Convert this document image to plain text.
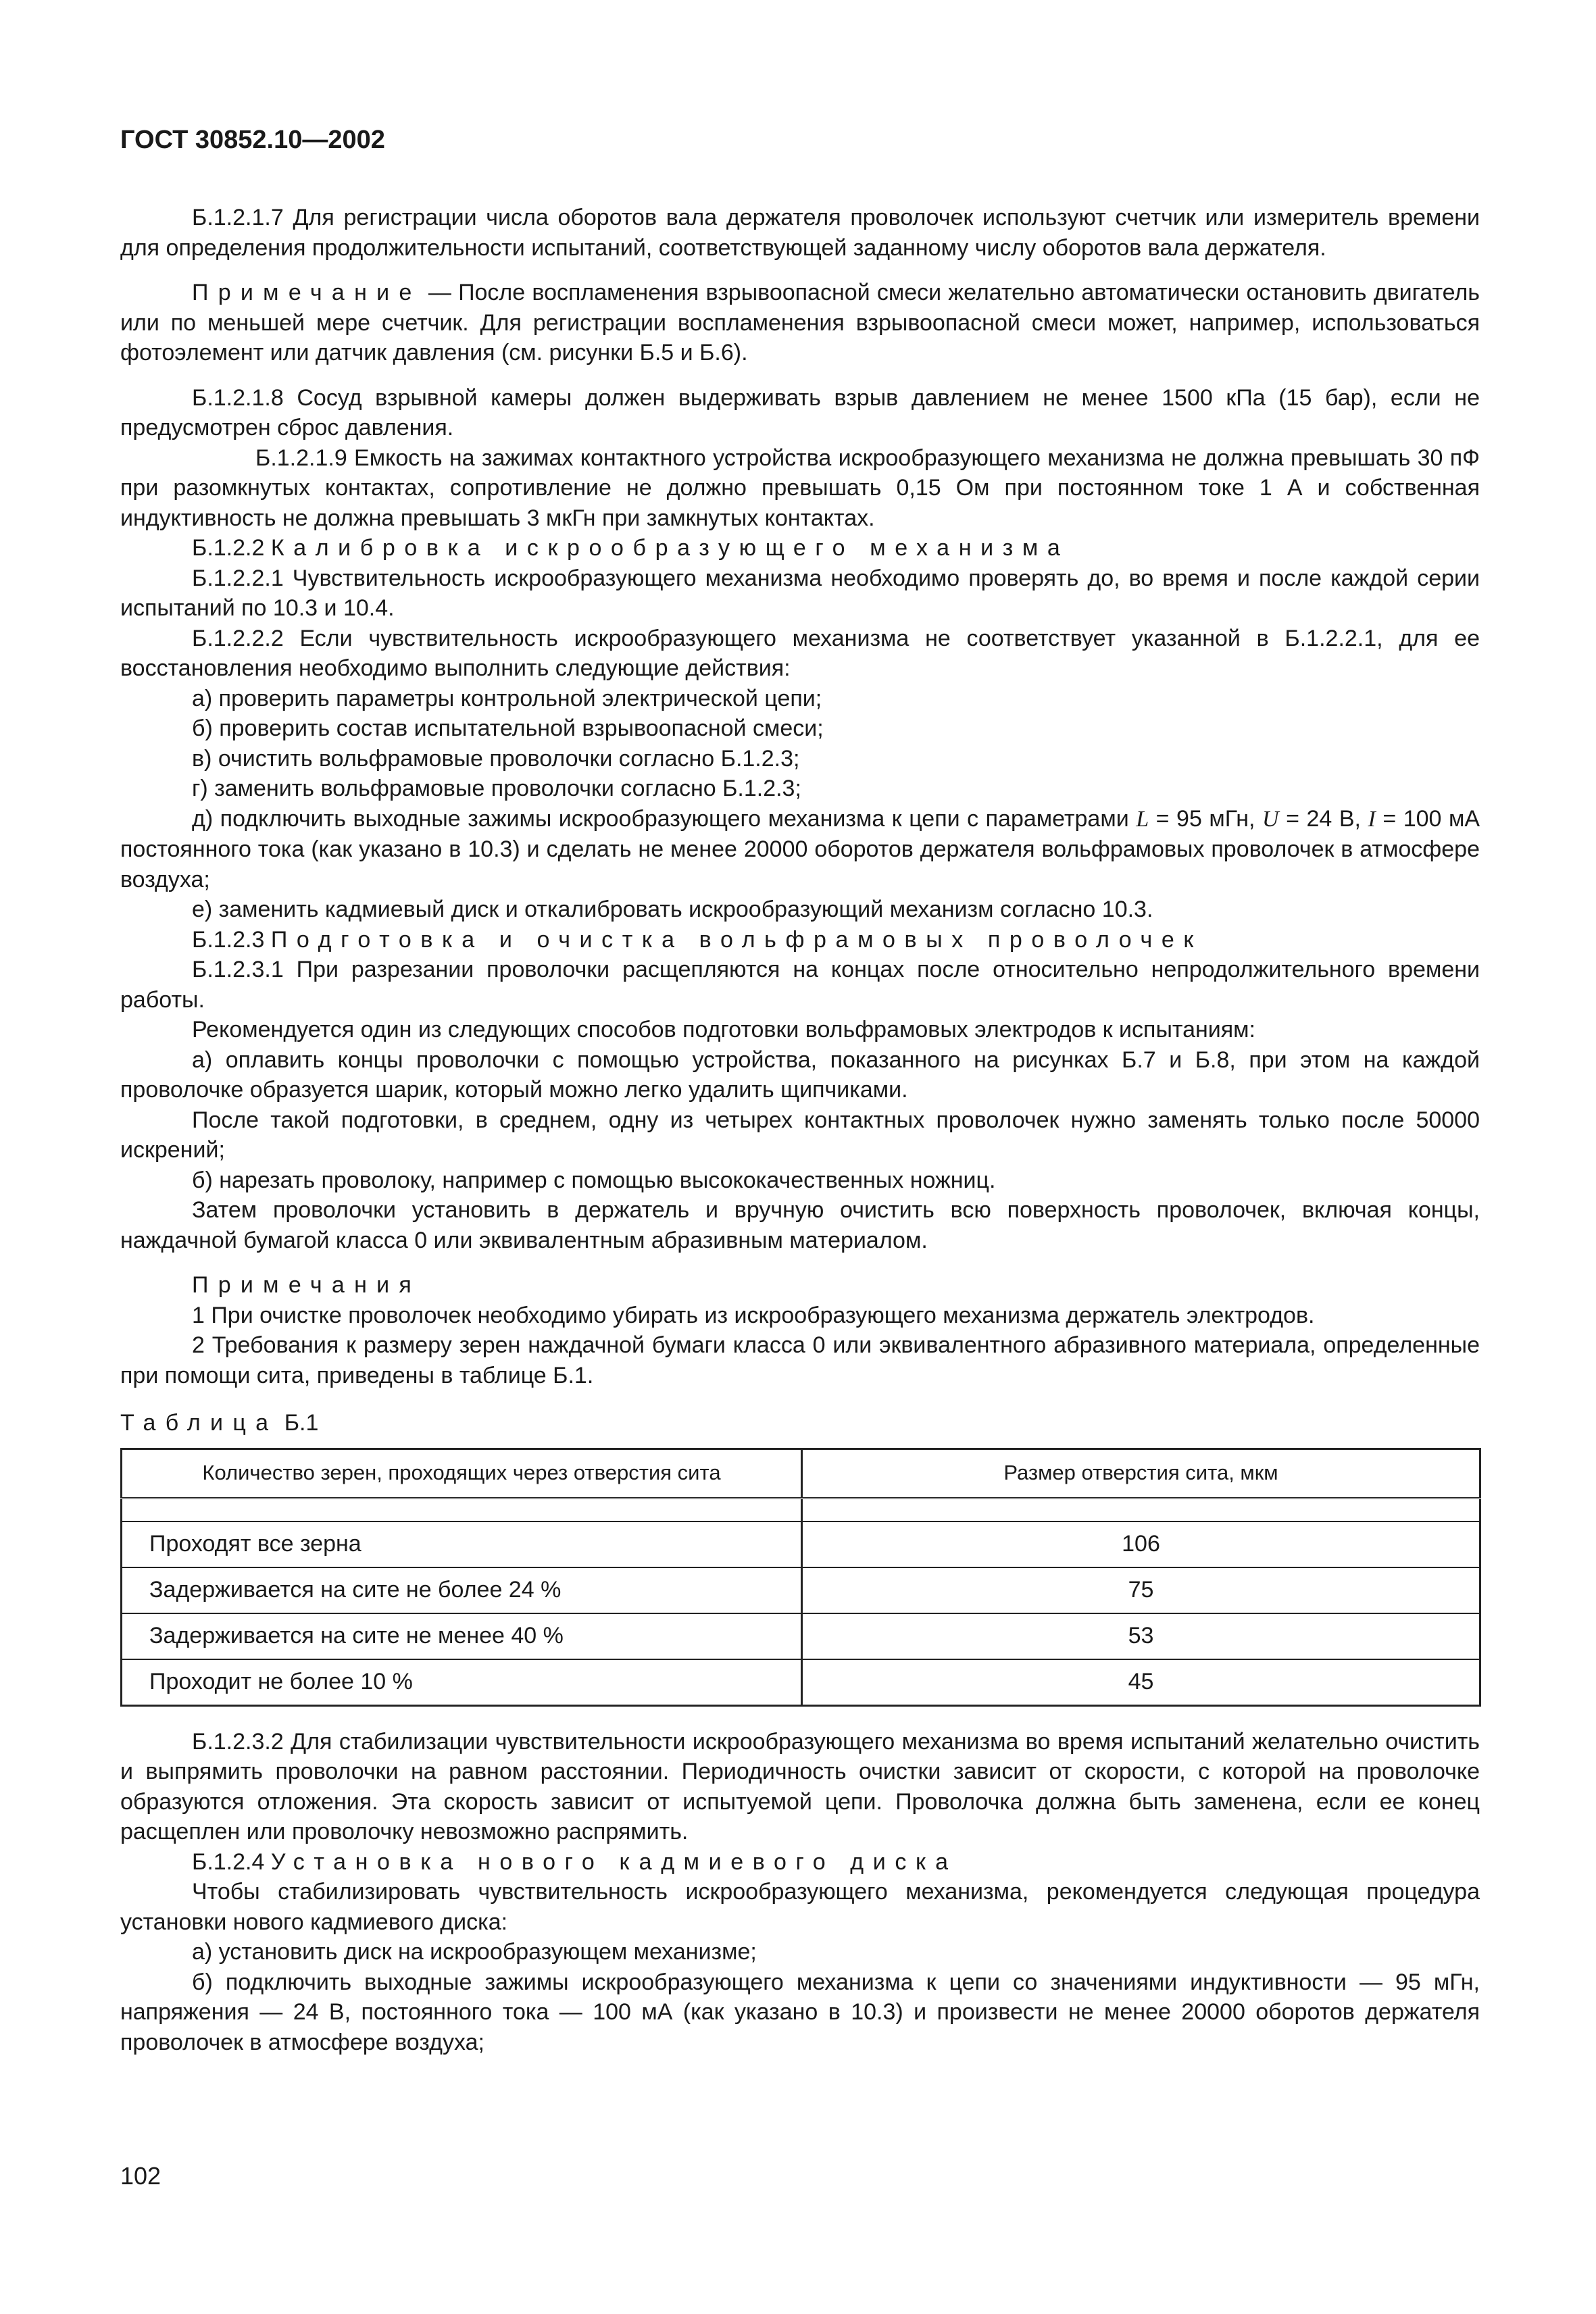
ГОСТ 30852.10—2002

Б.1.2.1.7 Для регистрации числа оборотов вала держателя проволочек используют счетчик или измеритель времени для определения продолжительности испытаний, соответствующей заданному числу оборотов вала держателя.

Примечание — После воспламенения взрывоопасной смеси желательно автоматически остановить двигатель или по меньшей мере счетчик. Для регистрации воспламенения взрывоопасной смеси может, например, использоваться фотоэлемент или датчик давления (см. рисунки Б.5 и Б.6).

Б.1.2.1.8 Сосуд взрывной камеры должен выдерживать взрыв давлением не менее 1500 кПа (15 бар), если не предусмотрен сброс давления.

Б.1.2.1.9 Емкость на зажимах контактного устройства искрообразующего механизма не должна превышать 30 пФ при разомкнутых контактах, сопротивление не должно превышать 0,15 Ом при постоянном токе 1 А и собственная индуктивность не должна превышать 3 мкГн при замкнутых контактах.

Б.1.2.2 Калибровка искрообразующего механизма

Б.1.2.2.1 Чувствительность искрообразующего механизма необходимо проверять до, во время и после каждой серии испытаний по 10.3 и 10.4.

Б.1.2.2.2 Если чувствительность искрообразующего механизма не соответствует указанной в Б.1.2.2.1, для ее восстановления необходимо выполнить следующие действия:

а) проверить параметры контрольной электрической цепи;

б) проверить состав испытательной взрывоопасной смеси;

в) очистить вольфрамовые проволочки согласно Б.1.2.3;

г) заменить вольфрамовые проволочки согласно Б.1.2.3;

д) подключить выходные зажимы искрообразующего механизма к цепи с параметрами L = 95 мГн, U = 24 В, I = 100 мА постоянного тока (как указано в 10.3) и сделать не менее 20000 оборотов держателя вольфрамовых проволочек в атмосфере воздуха;

е) заменить кадмиевый диск и откалибровать искрообразующий механизм согласно 10.3.

Б.1.2.3 Подготовка и очистка вольфрамовых проволочек

Б.1.2.3.1 При разрезании проволочки расщепляются на концах после относительно непродолжительного времени работы.

Рекомендуется один из следующих способов подготовки вольфрамовых электродов к испытаниям:

а) оплавить концы проволочки с помощью устройства, показанного на рисунках Б.7 и Б.8, при этом на каждой проволочке образуется шарик, который можно легко удалить щипчиками.

После такой подготовки, в среднем, одну из четырех контактных проволочек нужно заменять только после 50000 искрений;

б) нарезать проволоку, например с помощью высококачественных ножниц.

Затем проволочки установить в держатель и вручную очистить всю поверхность проволочек, включая концы, наждачной бумагой класса 0 или эквивалентным абразивным материалом.

Примечания

1 При очистке проволочек необходимо убирать из искрообразующего механизма держатель электродов.

2 Требования к размеру зерен наждачной бумаги класса 0 или эквивалентного абразивного материала, определенные при помощи сита, приведены в таблице Б.1.

Таблица Б.1

Количество зерен, проходящих через отверстия сита	Размер отверстия сита, мкм

Проходят все зерна	106
Задерживается на сите не более 24 %	75
Задерживается на сите не менее 40 %	53
Проходит не более 10 %	45

Б.1.2.3.2 Для стабилизации чувствительности искрообразующего механизма во время испытаний желательно очистить и выпрямить проволочки на равном расстоянии. Периодичность очистки зависит от скорости, с которой на проволочке образуются отложения. Эта скорость зависит от испытуемой цепи. Проволочка должна быть заменена, если ее конец расщеплен или проволочку невозможно распрямить.

Б.1.2.4 Установка нового кадмиевого диска

Чтобы стабилизировать чувствительность искрообразующего механизма, рекомендуется следующая процедура установки нового кадмиевого диска:

а) установить диск на искрообразующем механизме;

б) подключить выходные зажимы искрообразующего механизма к цепи со значениями индуктивности — 95 мГн, напряжения — 24 В, постоянного тока — 100 мА (как указано в 10.3) и произвести не менее 20000 оборотов держателя проволочек в атмосфере воздуха;

102
